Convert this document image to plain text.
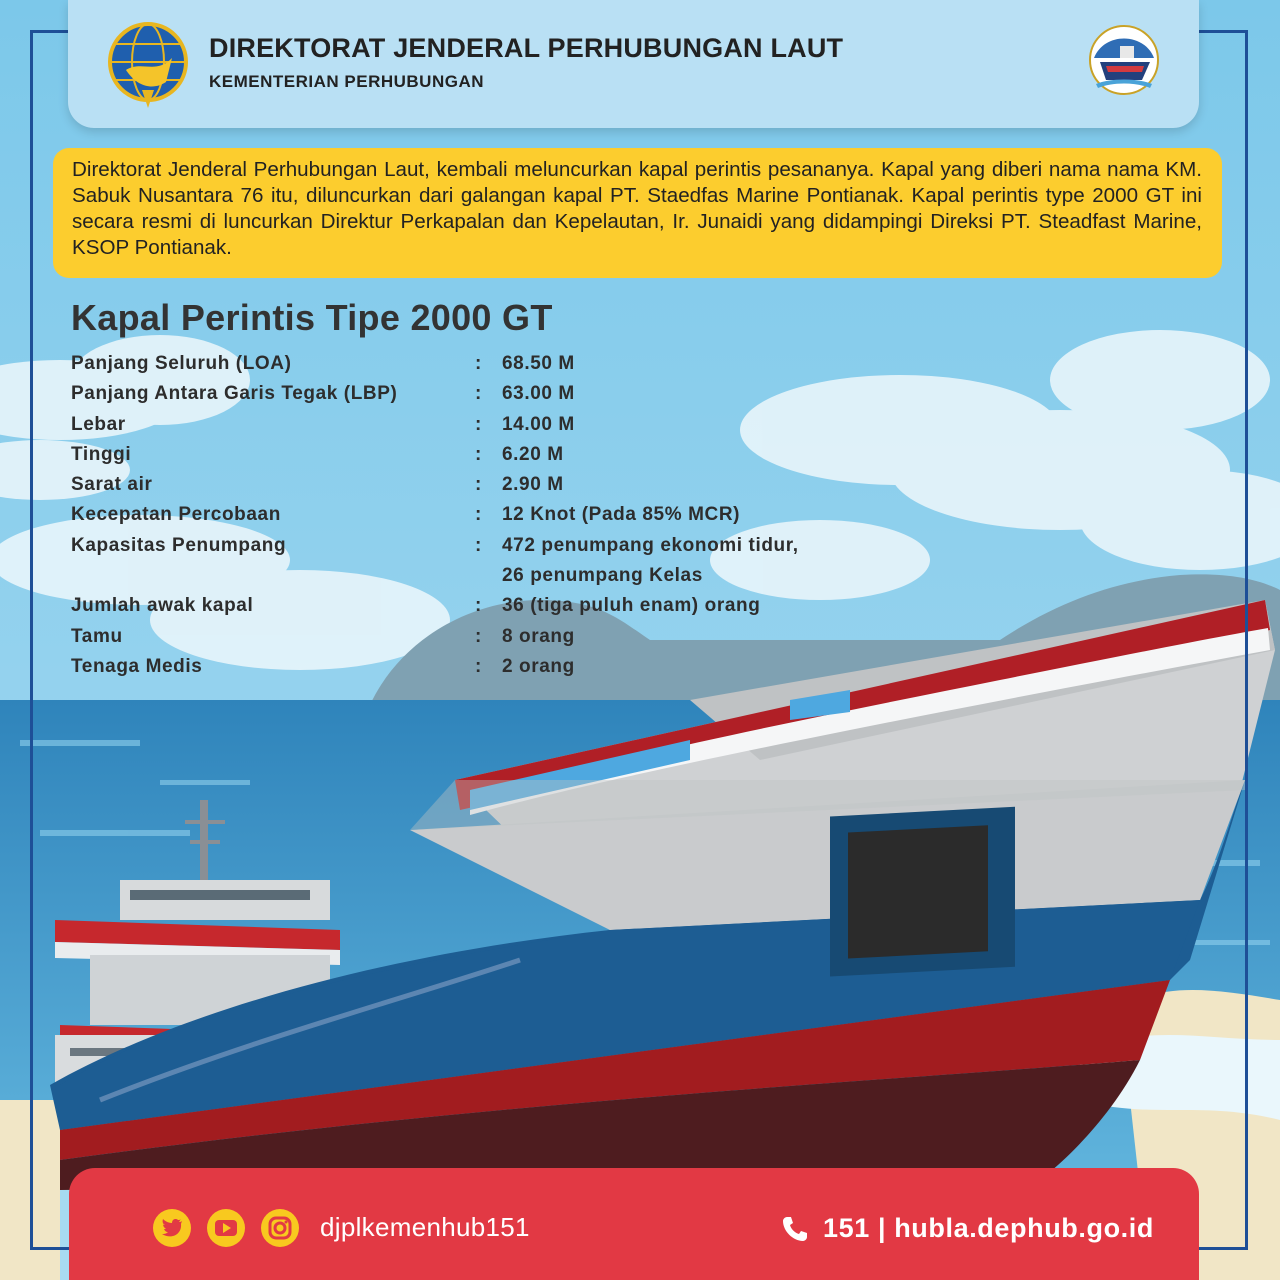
DIREKTORAT JENDERAL PERHUBUNGAN LAUT
KEMENTERIAN PERHUBUNGAN

Direktorat Jenderal Perhubungan Laut, kembali meluncurkan kapal perintis pesananya. Kapal yang diberi nama nama KM. Sabuk Nusantara 76 itu, diluncurkan dari galangan kapal PT. Staedfas Marine Pontianak. Kapal perintis type 2000 GT ini secara resmi di luncurkan Direktur Perkapalan dan Kepelautan, Ir. Junaidi yang didampingi Direksi PT. Steadfast Marine, KSOP Pontianak.

Kapal Perintis Tipe 2000 GT
Panjang Seluruh (LOA)	: 68.50 M
Panjang Antara Garis Tegak (LBP)	: 63.00 M
Lebar	: 14.00 M
Tinggi	: 6.20 M
Sarat air	: 2.90 M
Kecepatan Percobaan	: 12 Knot (Pada 85% MCR)
Kapasitas Penumpang	: 472 penumpang ekonomi tidur,
26 penumpang Kelas
Jumlah awak kapal	: 36 (tiga puluh enam) orang
Tamu	: 8 orang
Tenaga Medis	: 2 orang
djplkemenhub151	151 | hubla.dephub.go.id
